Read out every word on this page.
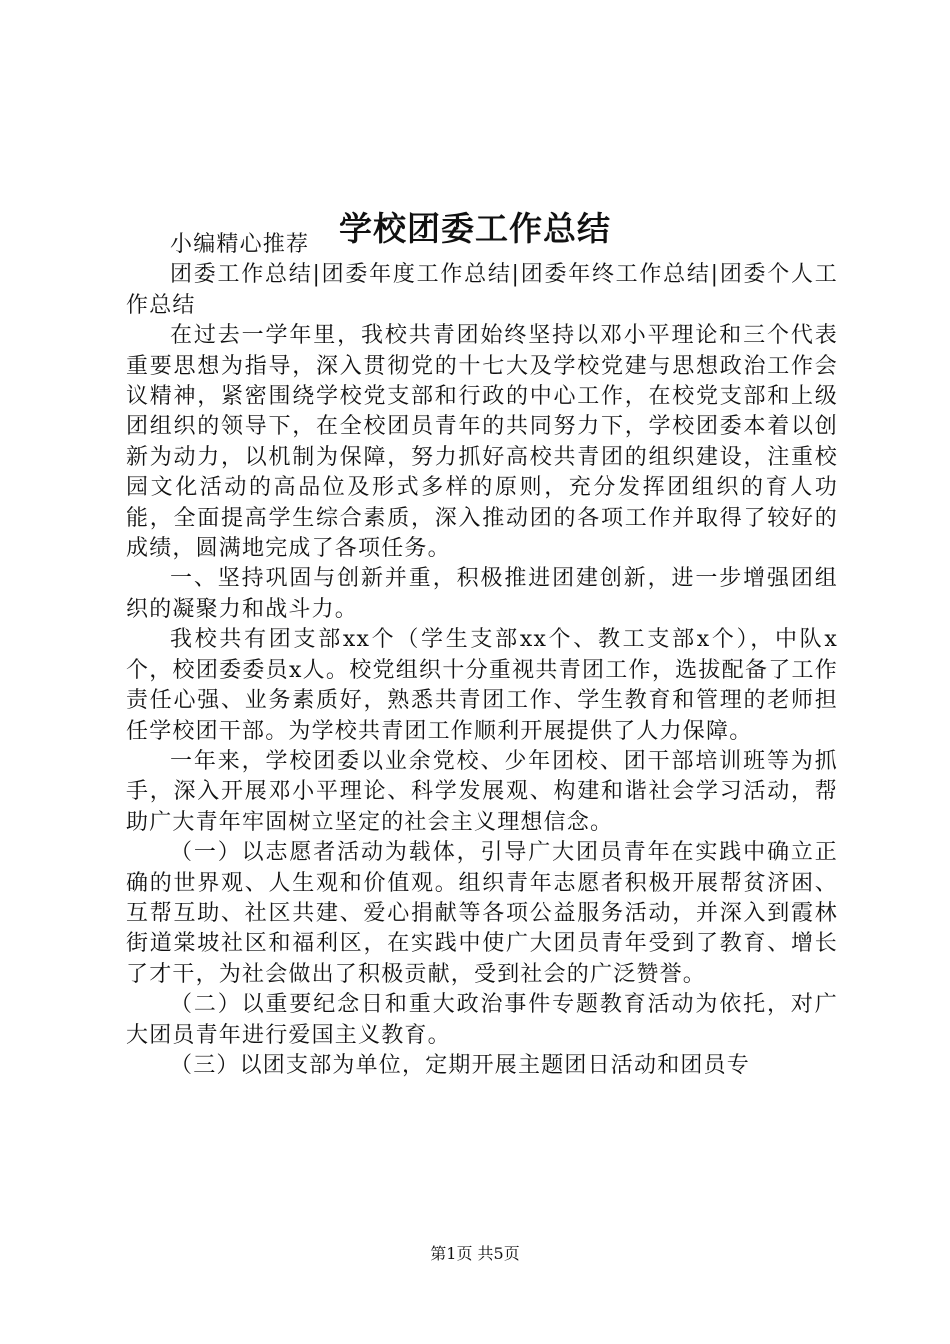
学校团委工作总结

小编精心推荐

团委工作总结|团委年度工作总结|团委年终工作总结|团委个人工作总结

在过去一学年里，我校共青团始终坚持以邓小平理论和三个代表重要思想为指导，深入贯彻党的十七大及学校党建与思想政治工作会议精神，紧密围绕学校党支部和行政的中心工作，在校党支部和上级团组织的领导下，在全校团员青年的共同努力下，学校团委本着以创新为动力，以机制为保障，努力抓好高校共青团的组织建设，注重校园文化活动的高品位及形式多样的原则，充分发挥团组织的育人功能，全面提高学生综合素质，深入推动团的各项工作并取得了较好的成绩，圆满地完成了各项任务。

一、坚持巩固与创新并重，积极推进团建创新，进一步增强团组织的凝聚力和战斗力。

我校共有团支部xx个（学生支部xx个、教工支部x个），中队x个，校团委委员x人。校党组织十分重视共青团工作，选拔配备了工作责任心强、业务素质好，熟悉共青团工作、学生教育和管理的老师担任学校团干部。为学校共青团工作顺利开展提供了人力保障。

一年来，学校团委以业余党校、少年团校、团干部培训班等为抓手，深入开展邓小平理论、科学发展观、构建和谐社会学习活动，帮助广大青年牢固树立坚定的社会主义理想信念。

（一）以志愿者活动为载体，引导广大团员青年在实践中确立正确的世界观、人生观和价值观。组织青年志愿者积极开展帮贫济困、互帮互助、社区共建、爱心捐献等各项公益服务活动，并深入到霞林街道棠坡社区和福利区，在实践中使广大团员青年受到了教育、增长了才干，为社会做出了积极贡献，受到社会的广泛赞誉。

（二）以重要纪念日和重大政治事件专题教育活动为依托，对广大团员青年进行爱国主义教育。

（三）以团支部为单位，定期开展主题团日活动和团员专

第1页 共5页
